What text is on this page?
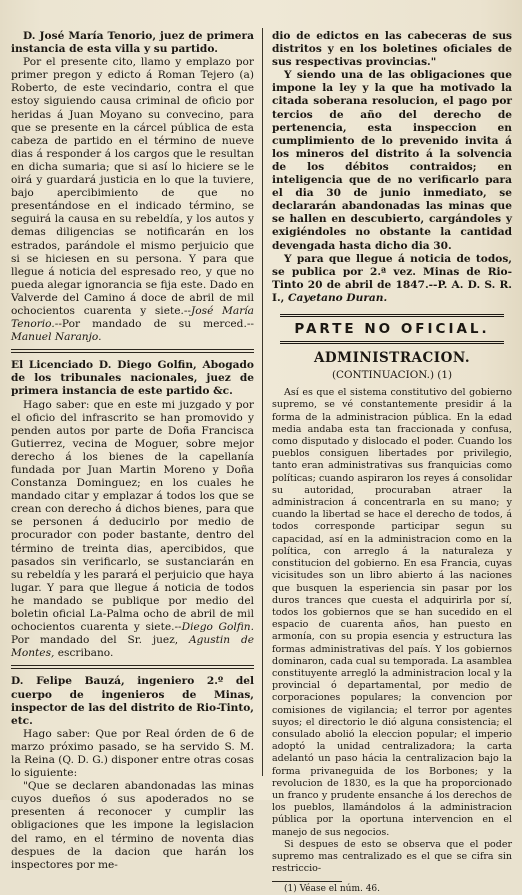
D. José María Tenorio, juez de primera instancia de esta villa y su partido.

Por el presente cito, llamo y emplazo por primer pregon y edicto á Roman Tejero (a) Roberto, de este vecindario, contra el que estoy siguiendo causa criminal de oficio por heridas á Juan Moyano su convecino, para que se presente en la cárcel pública de esta cabeza de partido en el término de nueve dias á responder á los cargos que le resultan en dicha sumaria; que si así lo hiciere se le oirá y guardará justicia en lo que la tuviere, bajo apercibimiento de que no presentándose en el indicado término, se seguirá la causa en su rebeldía, y los autos y demas diligencias se notificarán en los estrados, parándole el mismo perjuicio que si se hiciesen en su persona. Y para que llegue á noticia del espresado reo, y que no pueda alegar ignorancia se fija este. Dado en Valverde del Camino á doce de abril de mil ochocientos cuarenta y siete.--José María Tenorio.--Por mandado de su merced.--Manuel Naranjo.

El Licenciado D. Diego Golfin, Abogado de los tribunales nacionales, juez de primera instancia de este partido &c.

Hago saber: que en este mi juzgado y por el oficio del infrascrito se han promovido y penden autos por parte de Doña Francisca Gutierrez, vecina de Moguer, sobre mejor derecho á los bienes de la capellanía fundada por Juan Martin Moreno y Doña Constanza Dominguez; en los cuales he mandado citar y emplazar á todos los que se crean con derecho á dichos bienes, para que se personen á deducirlo por medio de procurador con poder bastante, dentro del término de treinta dias, apercibidos, que pasados sin verificarlo, se sustanciarán en su rebeldía y les parará el perjuicio que haya lugar. Y para que llegue á noticia de todos he mandado se publique por medio del boletin oficial La-Palma ocho de abril de mil ochocientos cuarenta y siete.--Diego Golfin. Por mandado del Sr. juez, Agustin de Montes, escribano.

D. Felipe Bauzá, ingeniero 2.º del cuerpo de ingenieros de Minas, inspector de las del distrito de Rio-Tinto, etc.

Hago saber: Que por Real órden de 6 de marzo próximo pasado, se ha servido S. M. la Reina (Q. D. G.) disponer entre otras cosas lo siguiente:

"Que se declaren abandonadas las minas cuyos dueños ó sus apoderados no se presenten á reconocer y cumplir las obligaciones que les impone la legislacion del ramo, en el término de noventa dias despues de la dacion que harán los inspectores por me-

dio de edictos en las cabeceras de sus distritos y en los boletines oficiales de sus respectivas provincias."

Y siendo una de las obligaciones que impone la ley y la que ha motivado la citada soberana resolucion, el pago por tercios de año del derecho de pertenencia, esta inspeccion en cumplimiento de lo prevenido invita á los mineros del distrito á la solvencia de los débitos contraidos; en inteligencia que de no verificarlo para el dia 30 de junio inmediato, se declararán abandonadas las minas que se hallen en descubierto, cargándoles y exigiéndoles no obstante la cantidad devengada hasta dicho dia 30.

Y para que llegue á noticia de todos, se publica por 2.ª vez. Minas de Rio-Tinto 20 de abril de 1847.--P. A. D. S. R. I., Cayetano Duran.

PARTE NO OFICIAL.
ADMINISTRACION.
(CONTINUACION.) (1)

Así es que el sistema constitutivo del gobierno supremo, se vé constantemente presidir á la forma de la administracion pública. En la edad media andaba esta tan fraccionada y confusa, como disputado y dislocado el poder. Cuando los pueblos consiguen libertades por privilegio, tanto eran administrativas sus franquicias como políticas; cuando aspiraron los reyes á consolidar su autoridad, procuraban atraer la administracion á concentrarla en su mano; y cuando la libertad se hace el derecho de todos, á todos corresponde participar segun su capacidad, así en la administracion como en la política, con arreglo á la naturaleza y constitucion del gobierno. En esa Francia, cuyas vicisitudes son un libro abierto á las naciones que busquen la esperiencia sin pasar por los duros trances que cuesta el adquirirla por sí, todos los gobiernos que se han sucedido en el espacio de cuarenta años, han puesto en armonía, con su propia esencia y estructura las formas administrativas del país. Y los gobiernos dominaron, cada cual su temporada. La asamblea constituyente arregló la administracion local y la provincial ó departamental, por medio de corporaciones populares; la convencion por comisiones de vigilancia; el terror por agentes suyos; el directorio le dió alguna consistencia; el consulado abolió la eleccion popular; el imperio adoptó la unidad centralizadora; la carta adelantó un paso hácia la centralizacion bajo la forma privaneguida de los Borbones; y la revolucion de 1830, es la que ha proporcionado un franco y prudente ensanche á los derechos de los pueblos, llamándolos á la administracion pública por la oportuna intervencion en el manejo de sus negocios.

Si despues de esto se observa que el poder supremo mas centralizado es el que se cifra sin restriccio-

(1) Véase el núm. 46.
